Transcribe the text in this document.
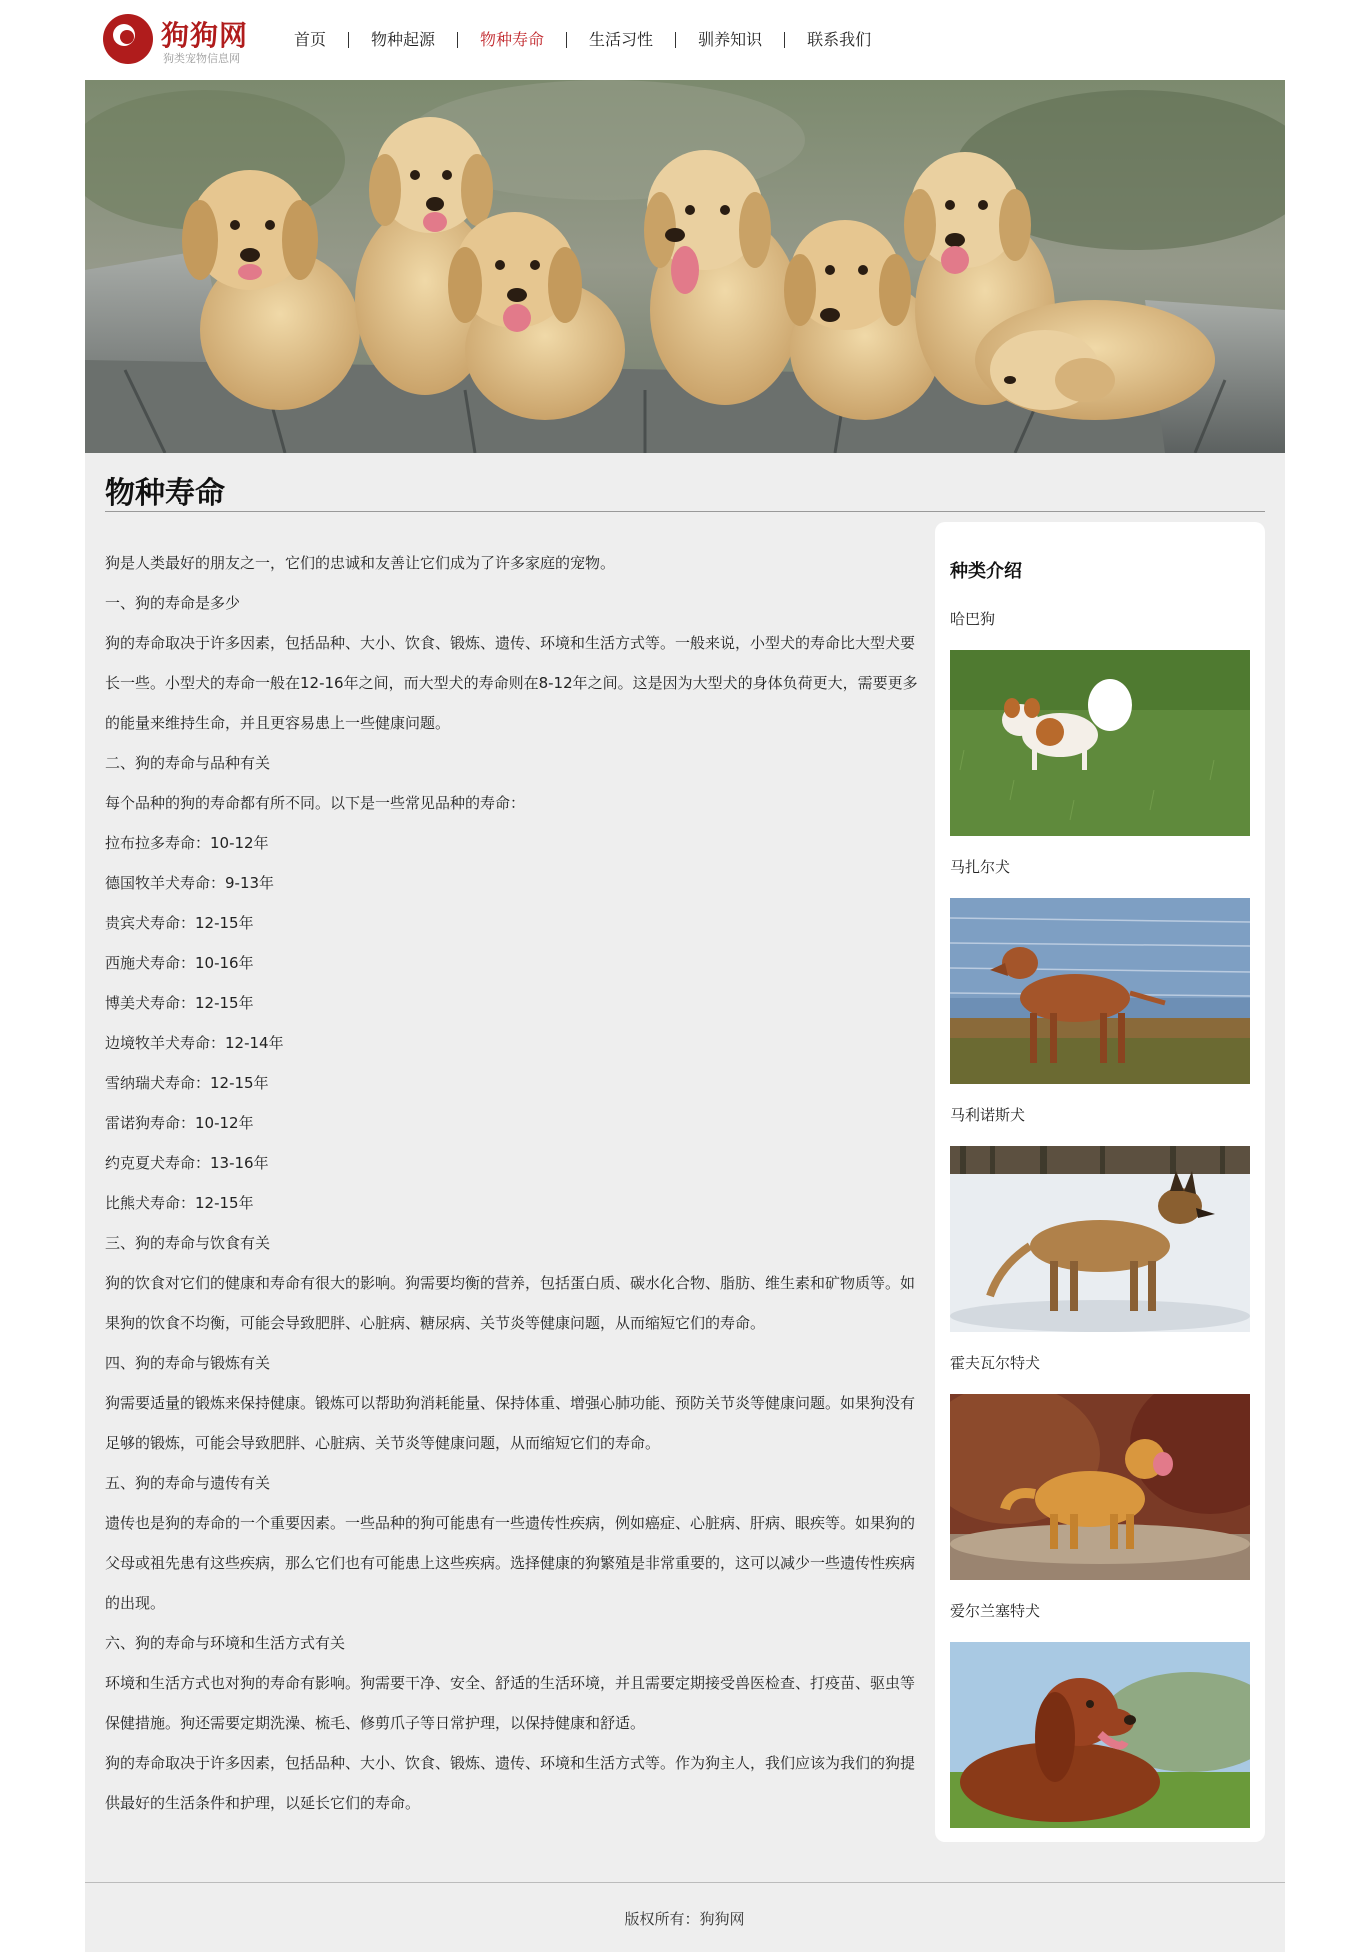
狗狗网
狗类宠物信息网
首页	物种起源	物种寿命	生活习性	驯养知识	联系我们
物种寿命

狗是人类最好的朋友之一，它们的忠诚和友善让它们成为了许多家庭的宠物。

一、狗的寿命是多少

狗的寿命取决于许多因素，包括品种、大小、饮食、锻炼、遗传、环境和生活方式等。一般来说，小型犬的寿命比大型犬要长一些。小型犬的寿命一般在12-16年之间，而大型犬的寿命则在8-12年之间。这是因为大型犬的身体负荷更大，需要更多的能量来维持生命，并且更容易患上一些健康问题。

二、狗的寿命与品种有关

每个品种的狗的寿命都有所不同。以下是一些常见品种的寿命：

拉布拉多寿命：10-12年

德国牧羊犬寿命：9-13年

贵宾犬寿命：12-15年

西施犬寿命：10-16年

博美犬寿命：12-15年

边境牧羊犬寿命：12-14年

雪纳瑞犬寿命：12-15年

雷诺狗寿命：10-12年

约克夏犬寿命：13-16年

比熊犬寿命：12-15年

三、狗的寿命与饮食有关

狗的饮食对它们的健康和寿命有很大的影响。狗需要均衡的营养，包括蛋白质、碳水化合物、脂肪、维生素和矿物质等。如果狗的饮食不均衡，可能会导致肥胖、心脏病、糖尿病、关节炎等健康问题，从而缩短它们的寿命。

四、狗的寿命与锻炼有关

狗需要适量的锻炼来保持健康。锻炼可以帮助狗消耗能量、保持体重、增强心肺功能、预防关节炎等健康问题。如果狗没有足够的锻炼，可能会导致肥胖、心脏病、关节炎等健康问题，从而缩短它们的寿命。

五、狗的寿命与遗传有关

遗传也是狗的寿命的一个重要因素。一些品种的狗可能患有一些遗传性疾病，例如癌症、心脏病、肝病、眼疾等。如果狗的父母或祖先患有这些疾病，那么它们也有可能患上这些疾病。选择健康的狗繁殖是非常重要的，这可以减少一些遗传性疾病的出现。

六、狗的寿命与环境和生活方式有关

环境和生活方式也对狗的寿命有影响。狗需要干净、安全、舒适的生活环境，并且需要定期接受兽医检查、打疫苗、驱虫等保健措施。狗还需要定期洗澡、梳毛、修剪爪子等日常护理，以保持健康和舒适。

狗的寿命取决于许多因素，包括品种、大小、饮食、锻炼、遗传、环境和生活方式等。作为狗主人，我们应该为我们的狗提供最好的生活条件和护理，以延长它们的寿命。

种类介绍
哈巴狗
马扎尔犬
马利诺斯犬
霍夫瓦尔特犬
爱尔兰塞特犬
版权所有：狗狗网
